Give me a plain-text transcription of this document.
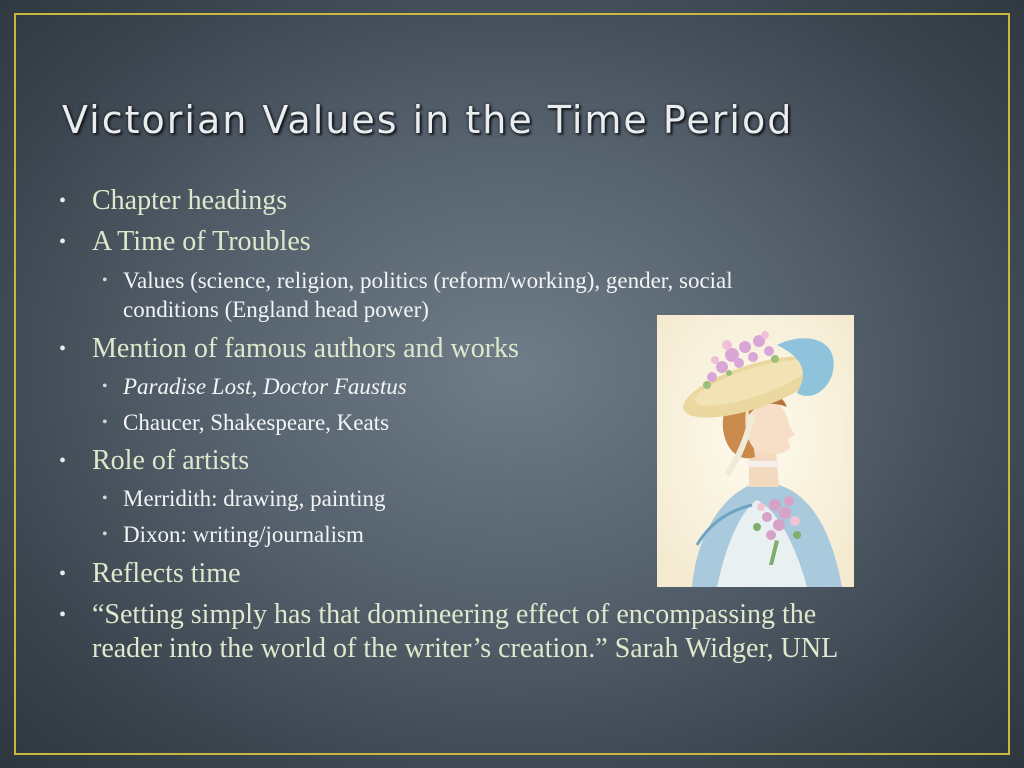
Victorian Values in the Time Period

• Chapter headings

• A Time of Troubles

• Values (science, religion, politics (reform/working), gender, social
conditions (England head power)

• Mention of famous authors and works

• Paradise Lost, Doctor Faustus

• Chaucer, Shakespeare, Keats

• Role of artists

• Merridith: drawing, painting

• Dixon: writing/journalism

• Reflects time

• “Setting simply has that domineering effect of encompassing the
reader into the world of the writer’s creation.” Sarah Widger, UNL
